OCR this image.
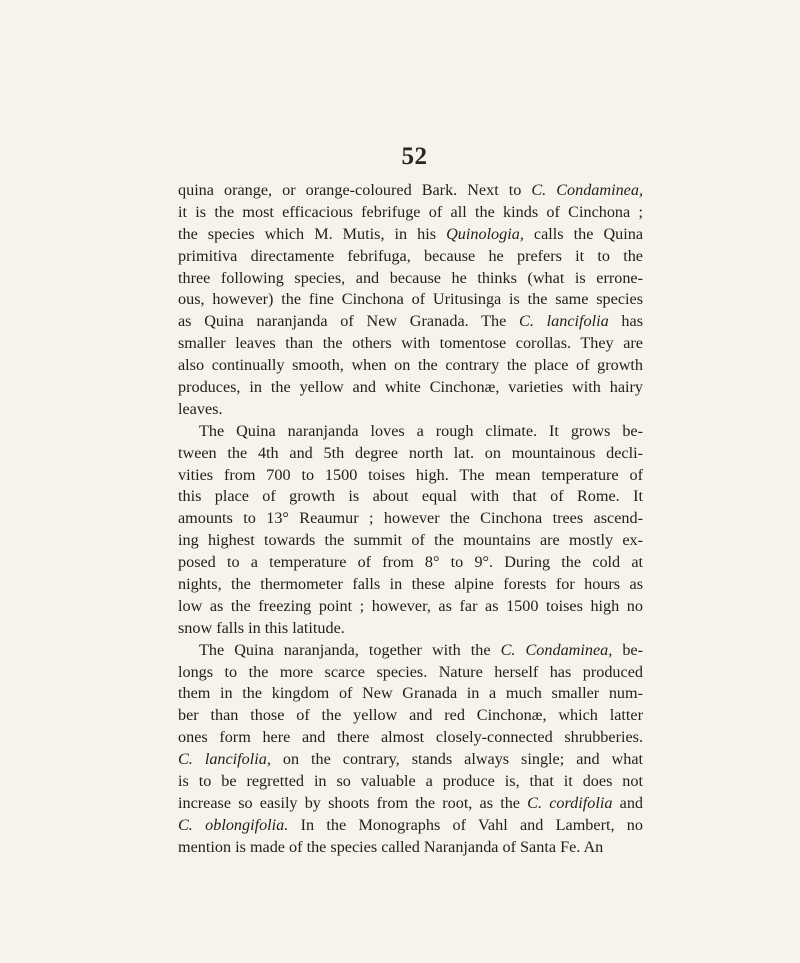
52
quina orange, or orange-coloured Bark. Next to C. Condaminea,
it is the most efficacious febrifuge of all the kinds of Cinchona ;
the species which M. Mutis, in his Quinologia, calls the Quina
primitiva directamente febrifuga, because he prefers it to the
three following species, and because he thinks (what is errone-
ous, however) the fine Cinchona of Uritusinga is the same species
as Quina naranjanda of New Granada. The C. lancifolia has
smaller leaves than the others with tomentose corollas. They are
also continually smooth, when on the contrary the place of growth
produces, in the yellow and white Cinchonæ, varieties with hairy
leaves.
The Quina naranjanda loves a rough climate. It grows be-
tween the 4th and 5th degree north lat. on mountainous decli-
vities from 700 to 1500 toises high. The mean temperature of
this place of growth is about equal with that of Rome. It
amounts to 13° Reaumur ; however the Cinchona trees ascend-
ing highest towards the summit of the mountains are mostly ex-
posed to a temperature of from 8° to 9°. During the cold at
nights, the thermometer falls in these alpine forests for hours as
low as the freezing point ; however, as far as 1500 toises high no
snow falls in this latitude.
The Quina naranjanda, together with the C. Condaminea, be-
longs to the more scarce species. Nature herself has produced
them in the kingdom of New Granada in a much smaller num-
ber than those of the yellow and red Cinchonæ, which latter
ones form here and there almost closely-connected shrubberies.
C. lancifolia, on the contrary, stands always single; and what
is to be regretted in so valuable a produce is, that it does not
increase so easily by shoots from the root, as the C. cordifolia and
C. oblongifolia. In the Monographs of Vahl and Lambert, no
mention is made of the species called Naranjanda of Santa Fe. An
